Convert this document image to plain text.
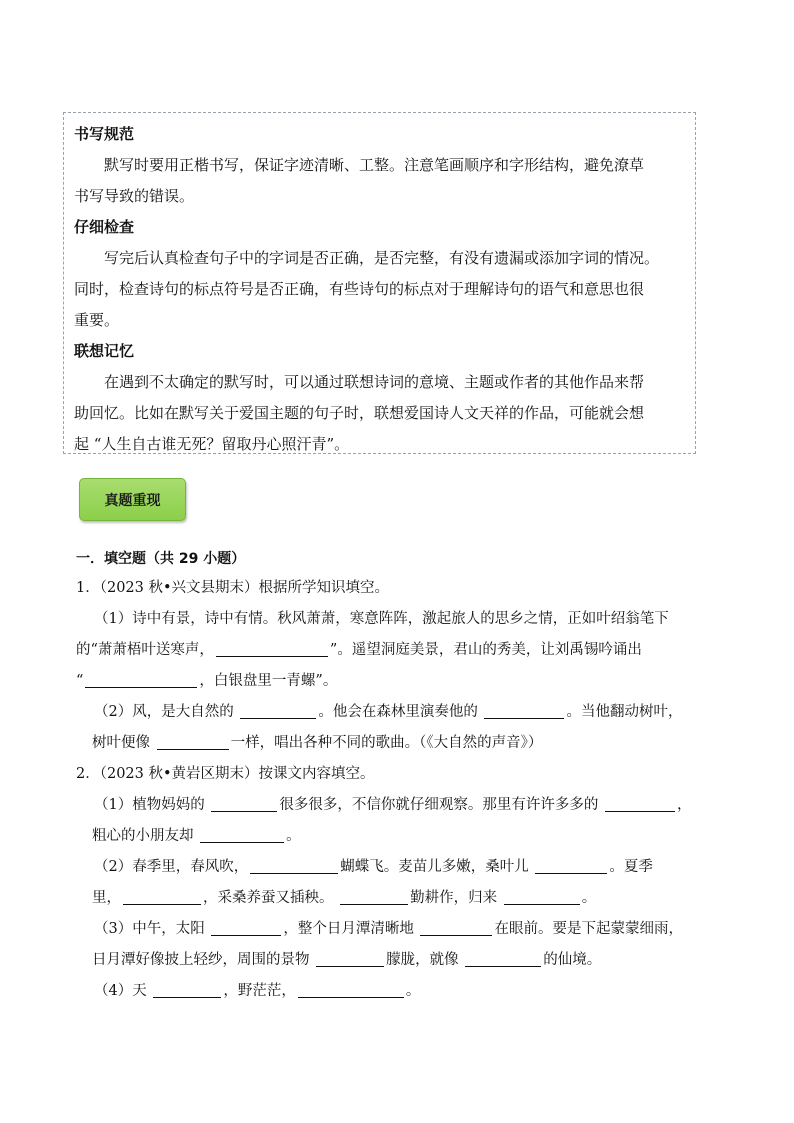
书写规范
默写时要用正楷书写，保证字迹清晰、工整。注意笔画顺序和字形结构，避免潦草
书写导致的错误。
仔细检查
写完后认真检查句子中的字词是否正确，是否完整，有没有遗漏或添加字词的情况。
同时，检查诗句的标点符号是否正确，有些诗句的标点对于理解诗句的语气和意思也很
重要。
联想记忆
在遇到不太确定的默写时，可以通过联想诗词的意境、主题或作者的其他作品来帮
助回忆。比如在默写关于爱国主题的句子时，联想爱国诗人文天祥的作品，可能就会想
起 “人生自古谁无死？留取丹心照汗青”。
真题重现
一．填空题（共 29 小题）
1．（2023 秋•兴文县期末）根据所学知识填空。
（1）诗中有景，诗中有情。秋风萧萧，寒意阵阵，激起旅人的思乡之情，正如叶绍翁笔下
的“萧萧梧叶送寒声，	”。遥望洞庭美景，君山的秀美，让刘禹锡吟诵出
“	，白银盘里一青螺”。
（2）风，是大自然的	。他会在森林里演奏他的	。当他翻动树叶，
树叶便像	一样，唱出各种不同的歌曲。（《大自然的声音》）
2．（2023 秋•黄岩区期末）按课文内容填空。
（1）植物妈妈的	很多很多，不信你就仔细观察。那里有许许多多的	，
粗心的小朋友却	。
（2）春季里，春风吹，	蝴蝶飞。麦苗儿多嫩，桑叶儿	。夏季
里，	，采桑养蚕又插秧。	勤耕作，归来	。
（3）中午，太阳	，整个日月潭清晰地	在眼前。要是下起蒙蒙细雨，
日月潭好像披上轻纱，周围的景物	朦胧，就像	的仙境。
（4）天	，野茫茫，	。
